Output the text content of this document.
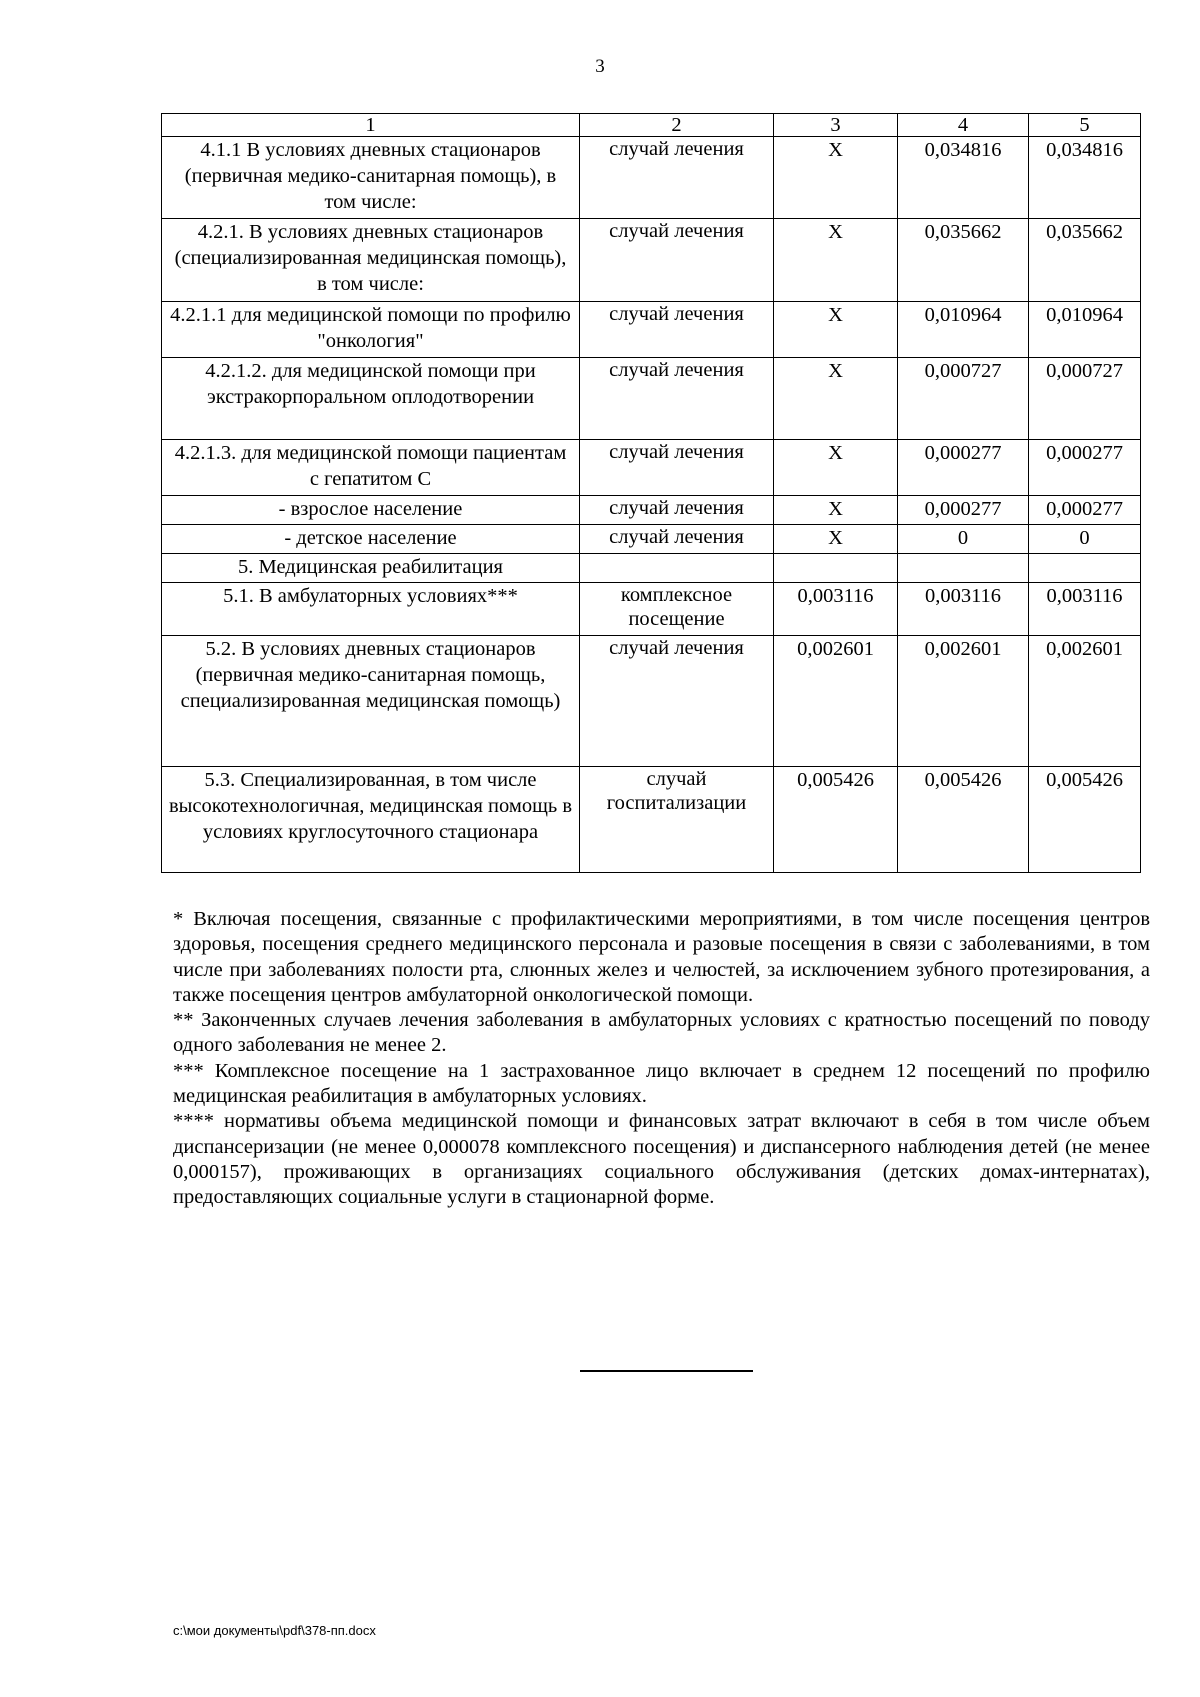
3
1	2	3	4	5
4.1.1 В условиях дневных стационаров (первичная медико-санитарная помощь), в том числе:	случай лечения	Х	0,034816	0,034816
4.2.1. В условиях дневных стационаров (специализированная медицинская помощь), в том числе:	случай лечения	Х	0,035662	0,035662
4.2.1.1 для медицинской помощи по профилю "онкология"	случай лечения	Х	0,010964	0,010964
4.2.1.2. для медицинской помощи при экстракорпоральном оплодотворении	случай лечения	Х	0,000727	0,000727
4.2.1.3. для медицинской помощи пациентам с гепатитом С	случай лечения	Х	0,000277	0,000277
- взрослое население	случай лечения	Х	0,000277	0,000277
- детское население	случай лечения	Х	0	0
5. Медицинская реабилитация				
5.1. В амбулаторных условиях***	комплексное посещение	0,003116	0,003116	0,003116
5.2. В условиях дневных стационаров (первичная медико-санитарная помощь, специализированная медицинская помощь)	случай лечения	0,002601	0,002601	0,002601
5.3. Специализированная, в том числе высокотехнологичная, медицинская помощь в условиях круглосуточного стационара	случай госпитализации	0,005426	0,005426	0,005426

* Включая посещения, связанные с профилактическими мероприятиями, в том числе посещения центров здоровья, посещения среднего медицинского персонала и разовые посещения в связи с заболеваниями, в том числе при заболеваниях полости рта, слюнных желез и челюстей, за исключением зубного протезирования, а также посещения центров амбулаторной онкологической помощи.

** Законченных случаев лечения заболевания в амбулаторных условиях с кратностью посещений по поводу одного заболевания не менее 2.

*** Комплексное посещение на 1 застрахованное лицо включает в среднем 12 посещений по профилю медицинская реабилитация в амбулаторных условиях.

**** нормативы объема медицинской помощи и финансовых затрат включают в себя в том числе объем диспансеризации (не менее 0,000078 комплексного посещения) и диспансерного наблюдения детей (не менее 0,000157), проживающих в организациях социального обслуживания (детских домах-интернатах), предоставляющих социальные услуги в стационарной форме.

c:\мои документы\pdf\378-пп.docx
